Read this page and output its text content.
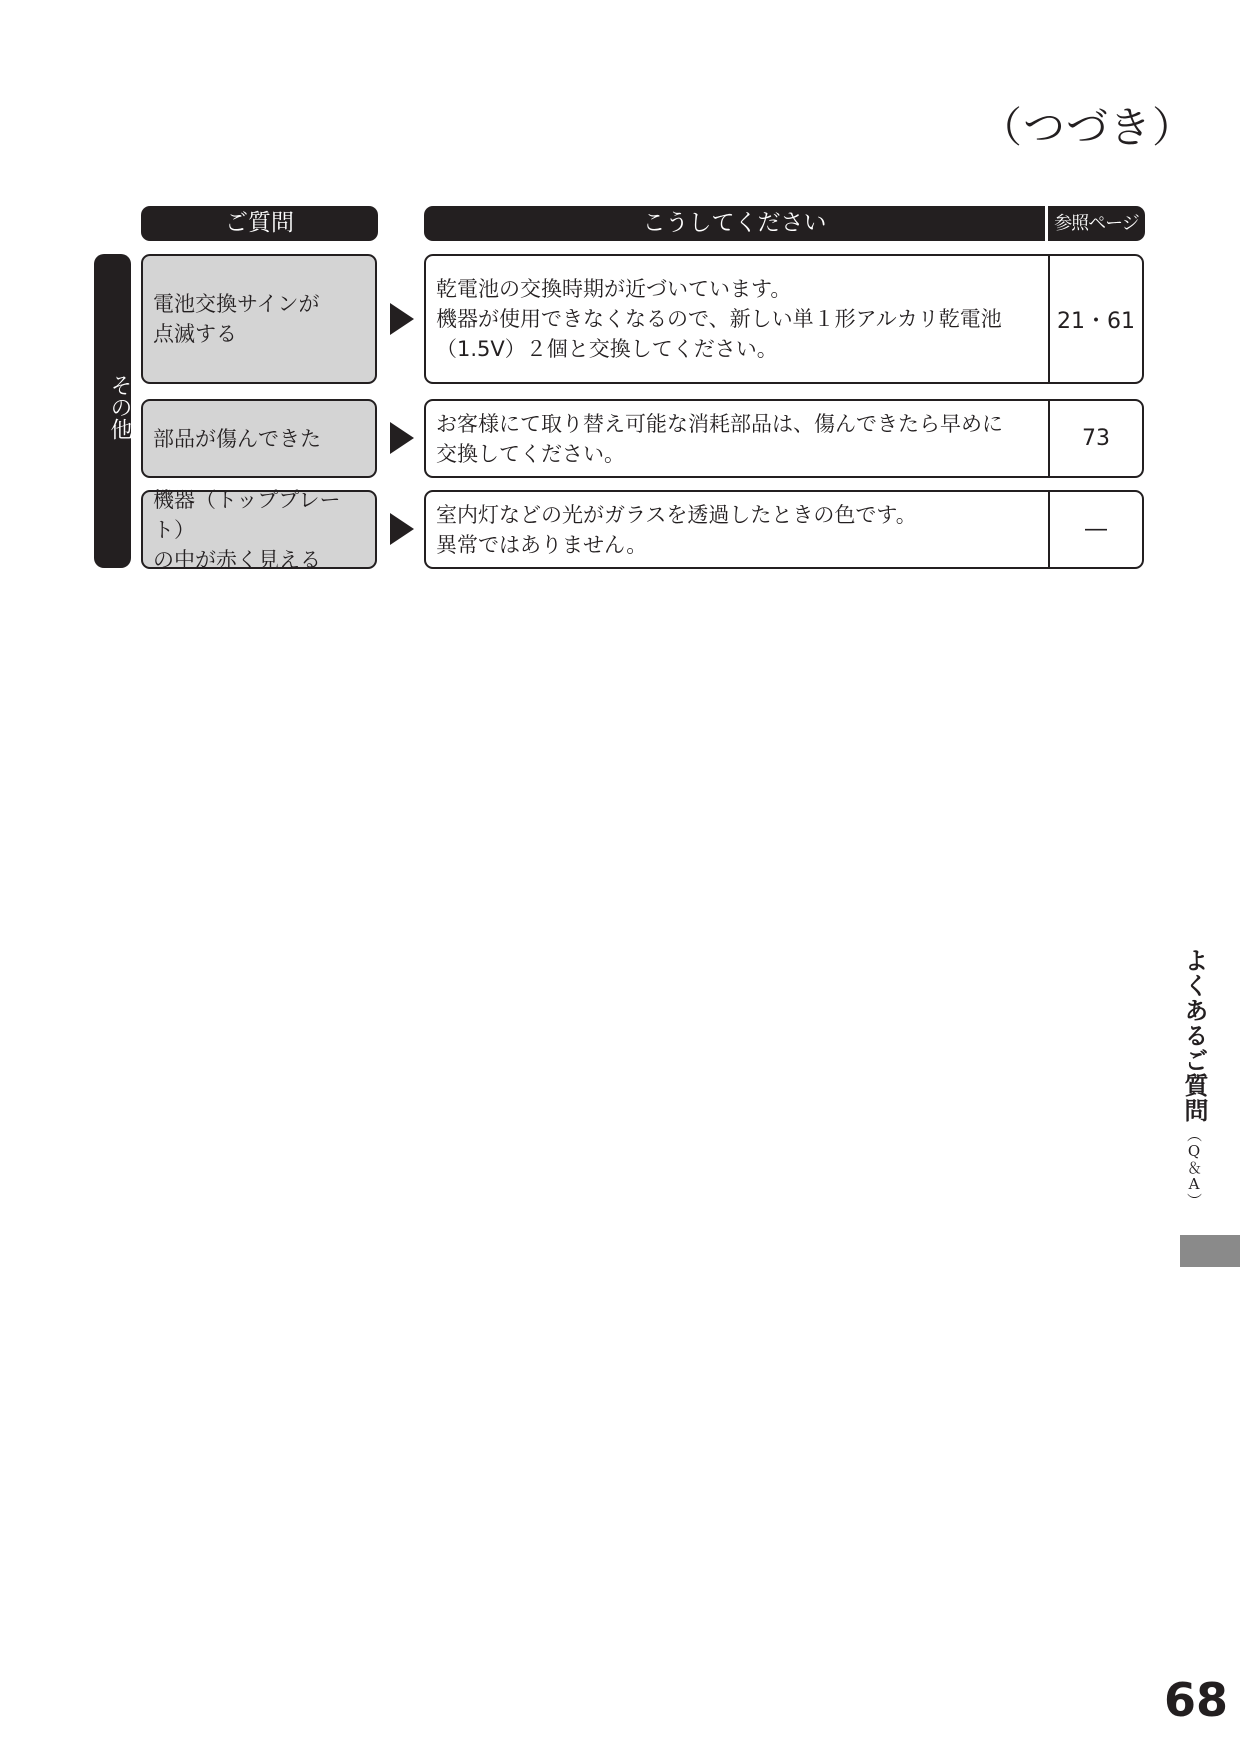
（つづき）
ご質問	こうしてください	参照ページ
その他
電池交換サインが
点滅する
乾電池の交換時期が近づいています。
機器が使用できなくなるので、新しい単１形アルカリ乾電池
（1.5V）２個と交換してください。
21・61
部品が傷んできた
お客様にて取り替え可能な消耗部品は、傷んできたら早めに
交換してください。
73
機器（トッププレート）
の中が赤く見える
室内灯などの光がガラスを透過したときの色です。
異常ではありません。
―
よくあるご質問
（Q＆A）
68
